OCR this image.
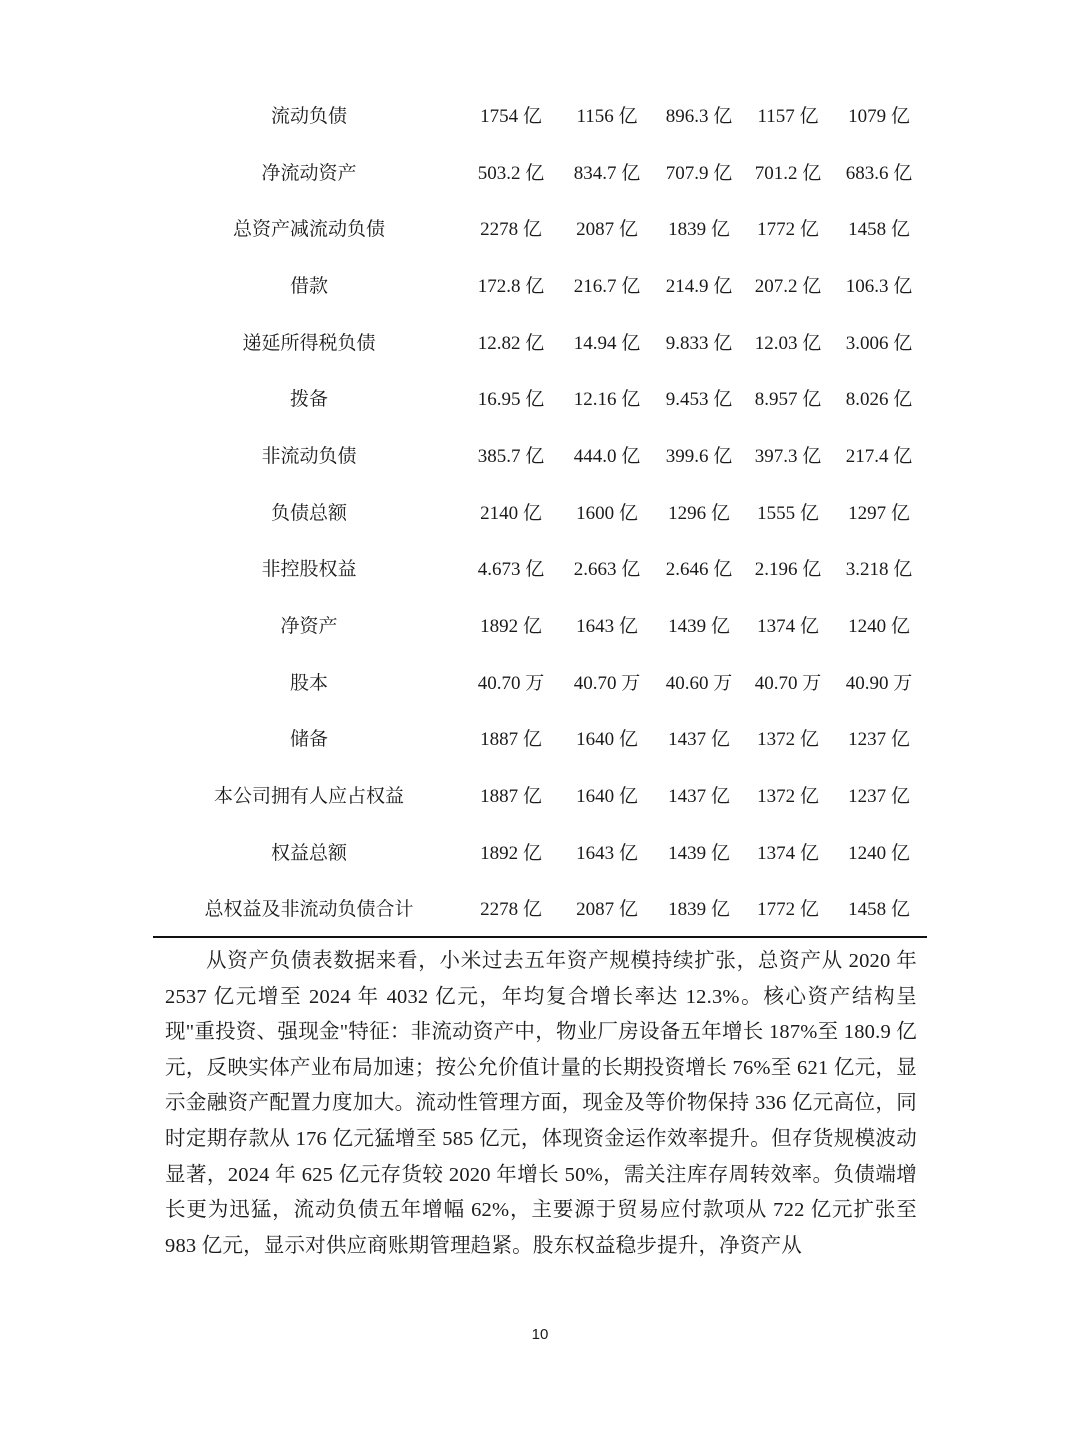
流动负债	1754 亿	1156 亿	896.3 亿	1157 亿	1079 亿
净流动资产	503.2 亿	834.7 亿	707.9 亿	701.2 亿	683.6 亿
总资产减流动负债	2278 亿	2087 亿	1839 亿	1772 亿	1458 亿
借款	172.8 亿	216.7 亿	214.9 亿	207.2 亿	106.3 亿
递延所得税负债	12.82 亿	14.94 亿	9.833 亿	12.03 亿	3.006 亿
拨备	16.95 亿	12.16 亿	9.453 亿	8.957 亿	8.026 亿
非流动负债	385.7 亿	444.0 亿	399.6 亿	397.3 亿	217.4 亿
负债总额	2140 亿	1600 亿	1296 亿	1555 亿	1297 亿
非控股权益	4.673 亿	2.663 亿	2.646 亿	2.196 亿	3.218 亿
净资产	1892 亿	1643 亿	1439 亿	1374 亿	1240 亿
股本	40.70 万	40.70 万	40.60 万	40.70 万	40.90 万
储备	1887 亿	1640 亿	1437 亿	1372 亿	1237 亿
本公司拥有人应占权益	1887 亿	1640 亿	1437 亿	1372 亿	1237 亿
权益总额	1892 亿	1643 亿	1439 亿	1374 亿	1240 亿
总权益及非流动负债合计	2278 亿	2087 亿	1839 亿	1772 亿	1458 亿

从资产负债表数据来看，小米过去五年资产规模持续扩张，总资产从 2020 年 2537 亿元增至 2024 年 4032 亿元，年均复合增长率达 12.3%。核心资产结构呈现"重投资、强现金"特征：非流动资产中，物业厂房设备五年增长 187%至 180.9 亿元，反映实体产业布局加速；按公允价值计量的长期投资增长 76%至 621 亿元，显示金融资产配置力度加大。流动性管理方面，现金及等价物保持 336 亿元高位，同时定期存款从 176 亿元猛增至 585 亿元，体现资金运作效率提升。但存货规模波动显著，2024 年 625 亿元存货较 2020 年增长 50%，需关注库存周转效率。负债端增长更为迅猛，流动负债五年增幅 62%，主要源于贸易应付款项从 722 亿元扩张至 983 亿元，显示对供应商账期管理趋紧。股东权益稳步提升，净资产从

10
